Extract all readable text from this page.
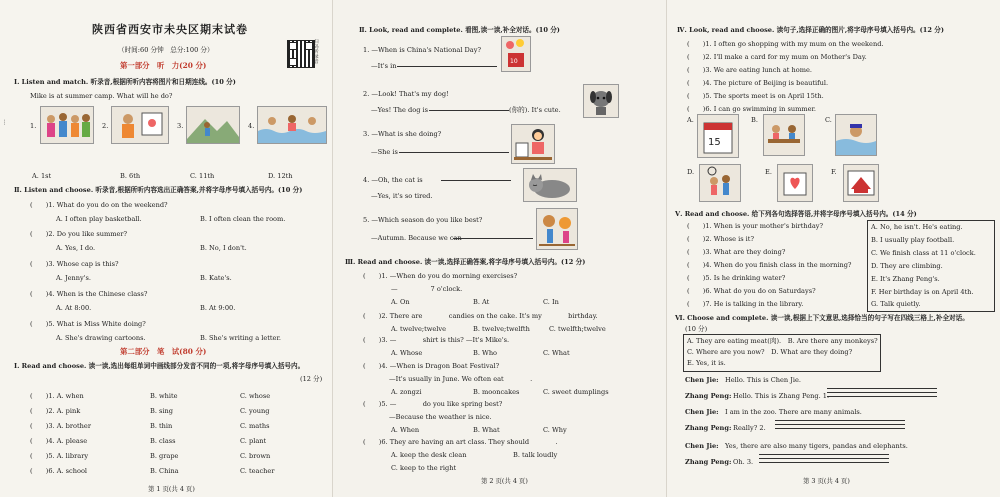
┆
陕西省西安市未央区期末试卷
（时间:60 分钟　总分:100 分）
扫码听录音
第一部分　听　力(20 分)
Ⅰ. Listen and match. 听录音,根据所听内容将图片和日期连线。(10 分)
Mike is at summer camp. What will he do?
1.	2.	3.	4.
A. 1st	B. 6th	C. 11th	D. 12th
Ⅱ. Listen and choose. 听录音,根据所听内容选出正确答案,并将字母序号填入括号内。(10 分)
(　　)1. What do you do on the weekend?
A. I often play basketball.	B. I often clean the room.
(　　)2. Do you like summer?
A. Yes, I do.	B. No, I don't.
(　　)3. Whose cap is this?
A. Jenny's.	B. Kate's.
(　　)4. When is the Chinese class?
A. At 8:00.	B. At 9:00.
(　　)5. What is Miss White doing?
A. She's drawing cartoons.	B. She's writing a letter.
第二部分　笔　试(80 分)
Ⅰ. Read and choose. 读一读,选出每组单词中画线部分发音不同的一项,将字母序号填入括号内。
(12 分)
(　　)1. A. when	B. white	C. whose
(　　)2. A. pink	B. sing	C. young
(　　)3. A. brother	B. thin	C. maths
(　　)4. A. please	B. class	C. plant
(　　)5. A. library	B. grape	C. brown
(　　)6. A. school	B. China	C. teacher
第 1 页(共 4 页)
Ⅱ. Look, read and complete. 看图,读一读,补全对话。(10 分)
1. —When is China's National Day?
—It's in
10
2. —Look! That's my dog!
—Yes! The dog is	(你的). It's cute.
3. —What is she doing?
—She is
4. —Oh, the cat is
—Yes, it's so tired.
5. —Which season do you like best?
—Autumn. Because we can
Ⅲ. Read and choose. 读一读,选择正确答案,将字母序号填入括号内。(12 分)
(　　)1. —When do you do morning exercises?
—　　　　　7 o'clock.
A. On	B. At	C. In
(　　)2. There are　　　　candies on the cake. It's my　　　　birthday.
A. twelve;twelve	B. twelve;twelfth	C. twelfth;twelve
(　　)3. —　　　　shirt is this? —It's Mike's.
A. Whose	B. Who	C. What
(　　)4. —When is Dragon Boat Festival?
—It's usually in June. We often eat　　　　.
A. zongzi	B. mooncakes	C. sweet dumplings
(　　)5. —　　　　do you like spring best?
—Because the weather is nice.
A. When	B. What	C. Why
(　　)6. They are having an art class. They should　　　　.
A. keep the desk clean	B. talk loudly
C. keep to the right
第 2 页(共 4 页)
Ⅳ. Look, read and choose. 读句子,选择正确的图片,将字母序号填入括号内。(12 分)
(　　)1. I often go shopping with my mum on the weekend.
(　　)2. I'll make a card for my mum on Mother's Day.
(　　)3. We are eating lunch at home.
(　　)4. The picture of Beijing is beautiful.
(　　)5. The sports meet is on April 15th.
(　　)6. I can go swimming in summer.
A.
15
B.	C.
D.	E.	F.
Ⅴ. Read and choose. 给下列各句选择答语,并将字母序号填入括号内。(14 分)
(　　)1. When is your mother's birthday?
(　　)2. Whose is it?
(　　)3. What are they doing?
(　　)4. When do you finish class in the morning?
(　　)5. Is he drinking water?
(　　)6. What do you do on Saturdays?
(　　)7. He is talking in the library.
A. No, he isn't. He's eating.
B. I usually play football.
C. We finish class at 11 o'clock.
D. They are climbing.
E. It's Zhang Peng's.
F. Her birthday is on April 4th.
G. Talk quietly.
Ⅵ. Choose and complete. 读一读,根据上下文意思,选择恰当的句子写在四线三格上,补全对话。
(10 分)
A. They are eating meat(肉).　B. Are there any monkeys?
C. Where are you now?　D. What are they doing?
E. Yes, it is.
Chen Jie: Hello. This is Chen Jie.
Zhang Peng: Hello. This is Zhang Peng. 1.
Chen Jie: I am in the zoo. There are many animals.
Zhang Peng: Really? 2.
Chen Jie: Yes, there are also many tigers, pandas and elephants.
Zhang Peng: Oh. 3.
第 3 页(共 4 页)
